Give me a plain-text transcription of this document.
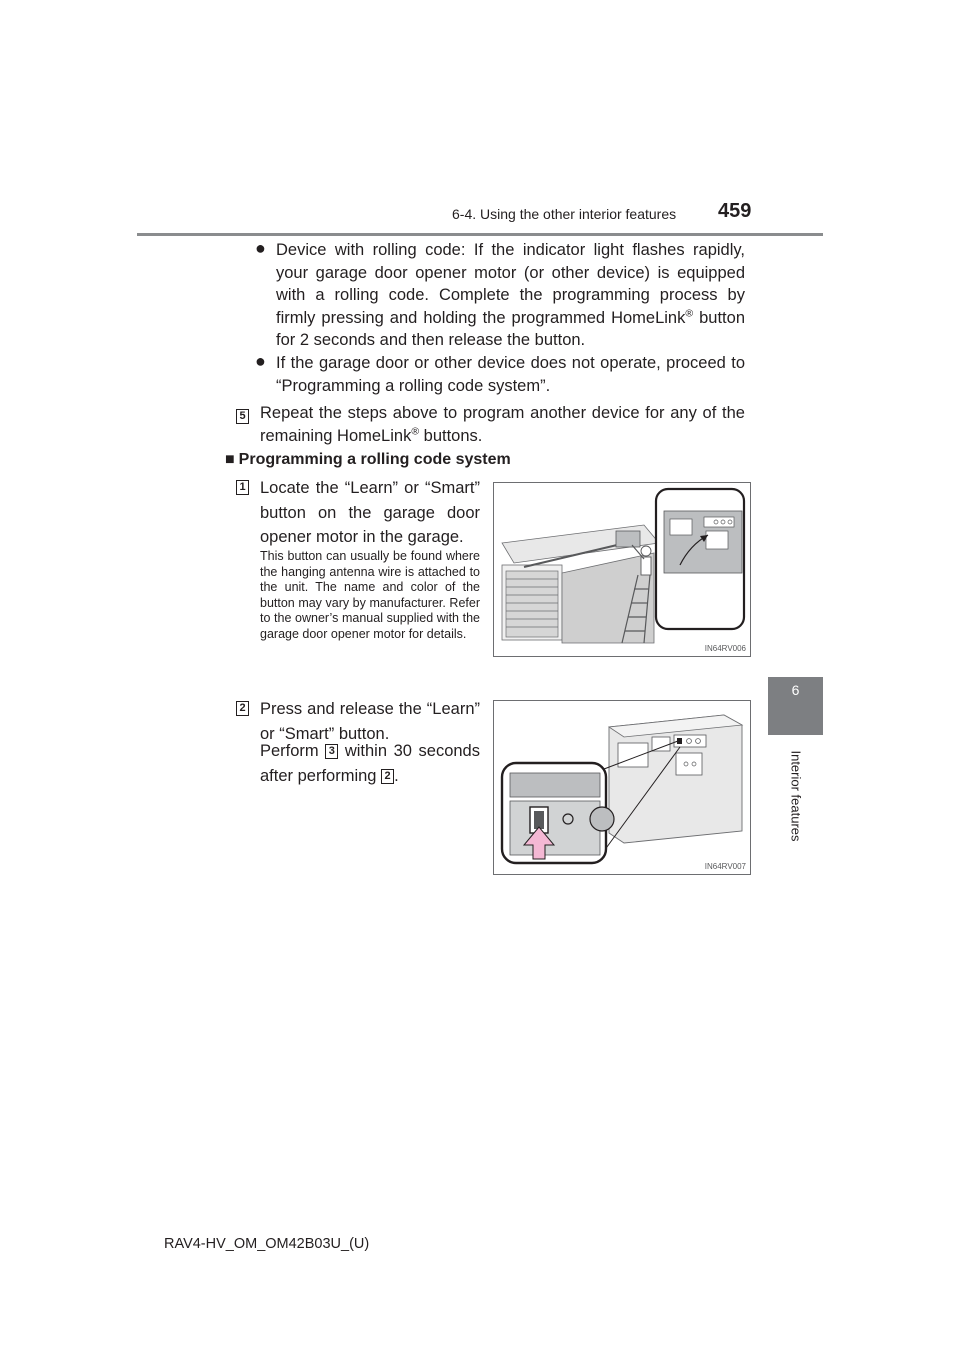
6-4. Using the other interior features 459
6
Interior features
● Device with rolling code: If the indicator light flashes rapidly, your garage door opener motor (or other device) is equipped with a rolling code. Complete the programming process by firmly pressing and holding the programmed HomeLink® button for 2 seconds and then release the button.
● If the garage door or other device does not operate, proceed to “Programming a rolling code system”.
5 Repeat the steps above to program another device for any of the remaining HomeLink® buttons.
■ Programming a rolling code system
1 Locate the “Learn” or “Smart” button on the garage door opener motor in the garage.
This button can usually be found where the hanging antenna wire is attached to the unit. The name and color of the button may vary by manufacturer. Refer to the owner’s manual supplied with the garage door opener motor for details.
IN64RV006
2 Press and release the “Learn” or “Smart” button.
Perform 3 within 30 seconds after performing 2 .
IN64RV007
RAV4-HV_OM_OM42B03U_(U)
